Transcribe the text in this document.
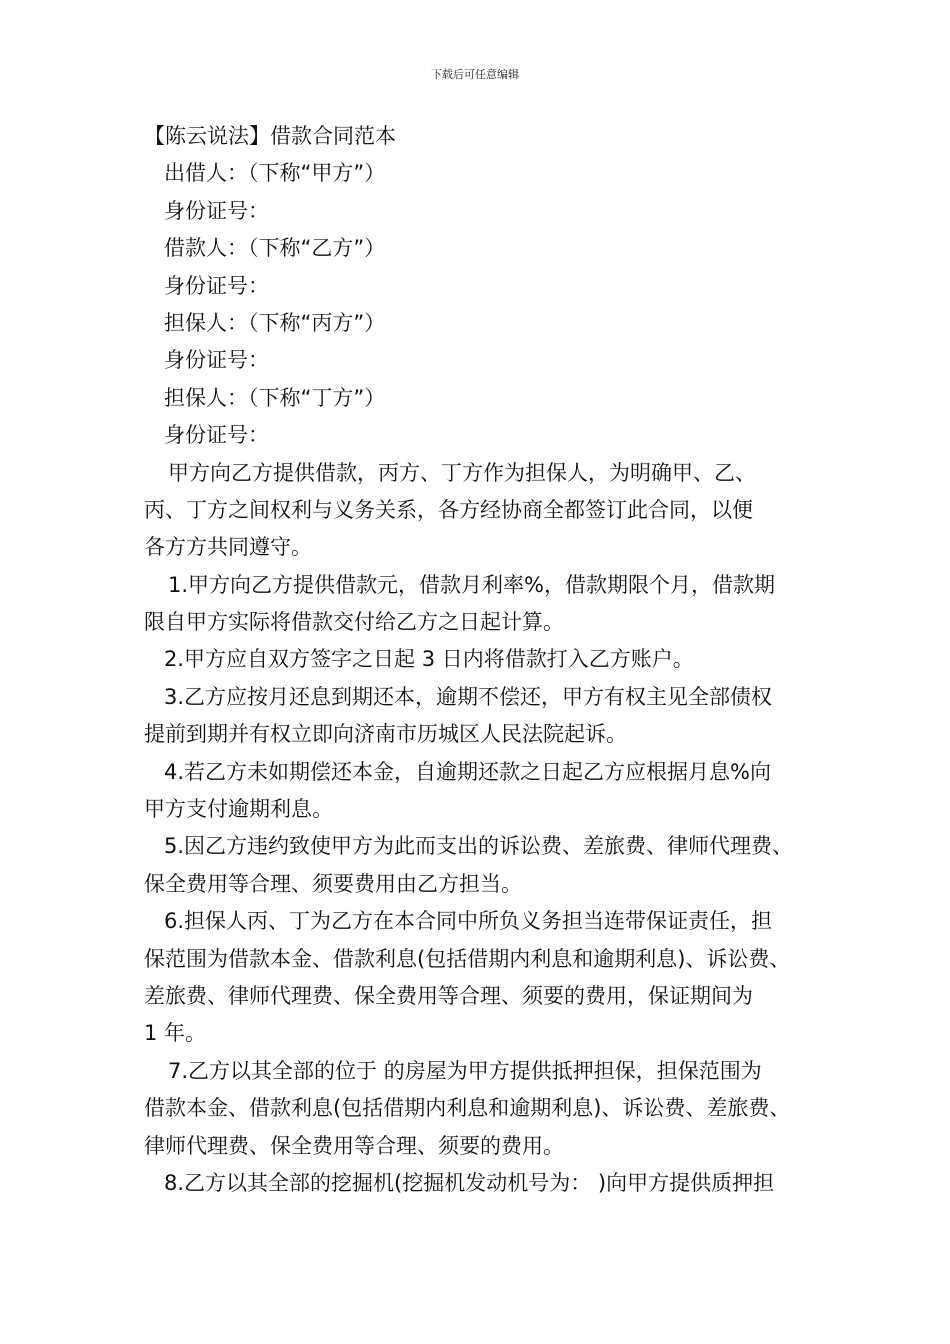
下载后可任意编辑
【陈云说法】借款合同范本
出借人：（下称“甲方”）
身份证号：
借款人：（下称“乙方”）
身份证号：
担保人：（下称“丙方”）
身份证号：
担保人：（下称“丁方”）
身份证号：
甲方向乙方提供借款，丙方、丁方作为担保人，为明确甲、乙、
丙、丁方之间权利与义务关系，各方经协商全都签订此合同，以便
各方方共同遵守。
1.甲方向乙方提供借款元，借款月利率%，借款期限个月，借款期
限自甲方实际将借款交付给乙方之日起计算。
2.甲方应自双方签字之日起 3 日内将借款打入乙方账户。
3.乙方应按月还息到期还本，逾期不偿还，甲方有权主见全部债权
提前到期并有权立即向济南市历城区人民法院起诉。
4.若乙方未如期偿还本金，自逾期还款之日起乙方应根据月息%向
甲方支付逾期利息。
5.因乙方违约致使甲方为此而支出的诉讼费、差旅费、律师代理费、
保全费用等合理、须要费用由乙方担当。
6.担保人丙、丁为乙方在本合同中所负义务担当连带保证责任，担
保范围为借款本金、借款利息(包括借期内利息和逾期利息)、诉讼费、
差旅费、律师代理费、保全费用等合理、须要的费用，保证期间为
1 年。
7.乙方以其全部的位于 的房屋为甲方提供抵押担保，担保范围为
借款本金、借款利息(包括借期内利息和逾期利息)、诉讼费、差旅费、
律师代理费、保全费用等合理、须要的费用。
8.乙方以其全部的挖掘机(挖掘机发动机号为： )向甲方提供质押担
